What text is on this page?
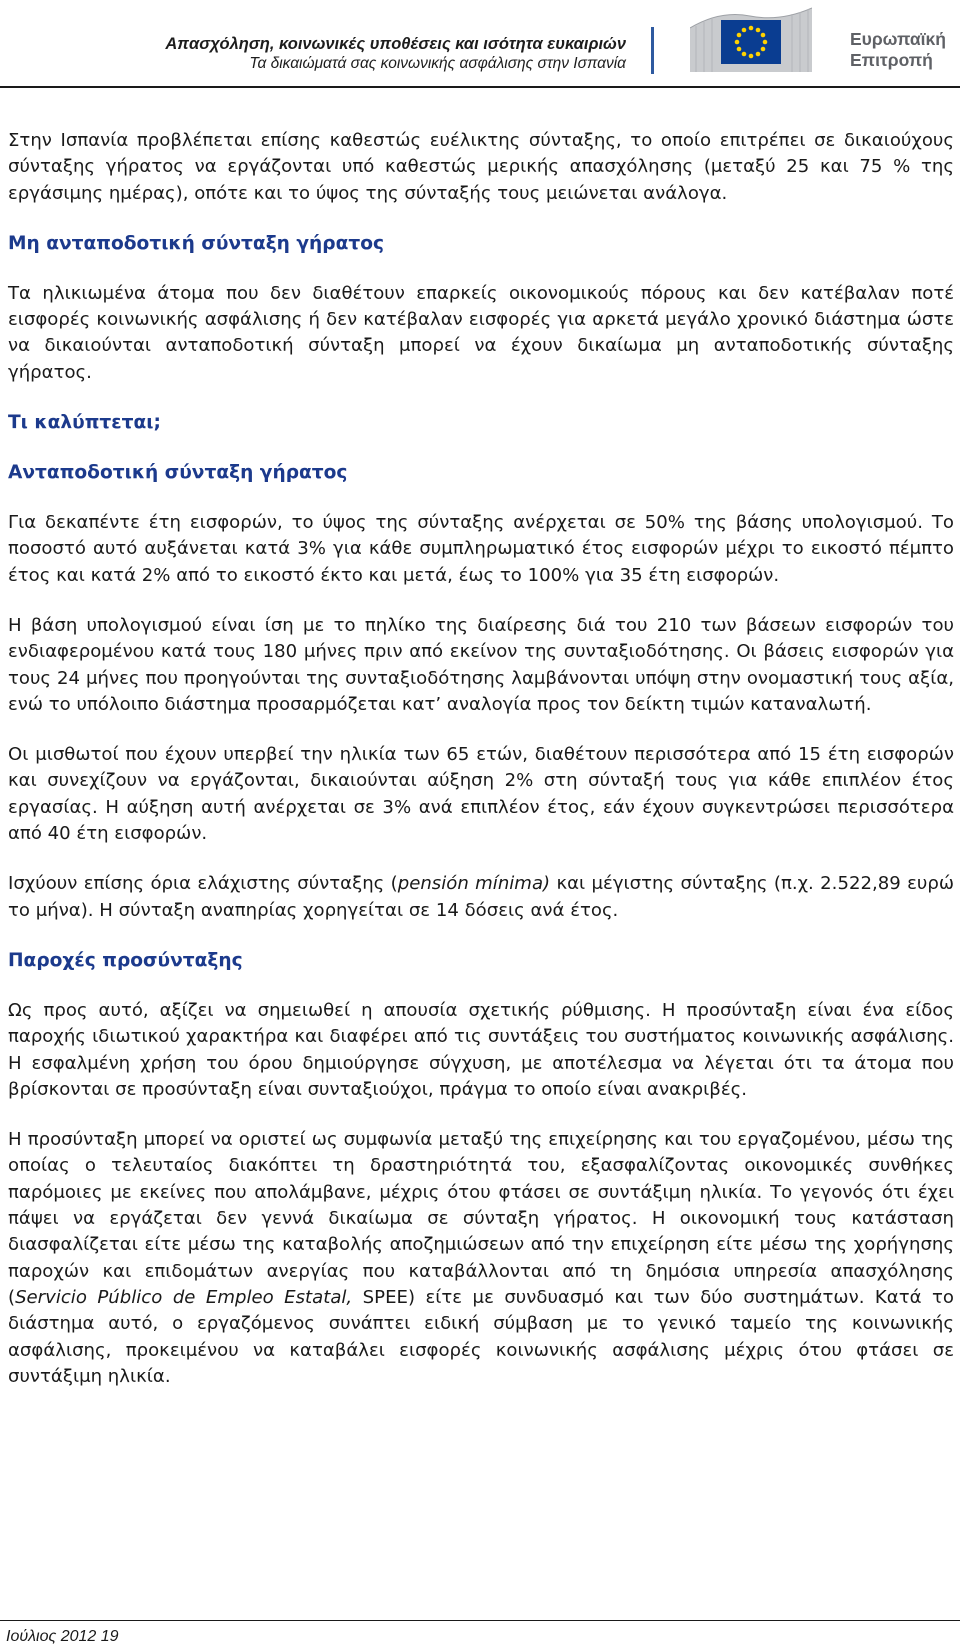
Απασχόληση, κοινωνικές υποθέσεις και ισότητα ευκαιριών
Τα δικαιώματά σας κοινωνικής ασφάλισης στην Ισπανία
Ευρωπαϊκή
Επιτροπή

Στην Ισπανία προβλέπεται επίσης καθεστώς ευέλικτης σύνταξης, το οποίο επιτρέπει σε δικαιούχους σύνταξης γήρατος να εργάζονται υπό καθεστώς μερικής απασχόλησης (μεταξύ 25 και 75 % της εργάσιμης ημέρας), οπότε και το ύψος της σύνταξής τους μειώνεται ανάλογα.

Μη ανταποδοτική σύνταξη γήρατος

Τα ηλικιωμένα άτομα που δεν διαθέτουν επαρκείς οικονομικούς πόρους και δεν κατέβαλαν ποτέ εισφορές κοινωνικής ασφάλισης ή δεν κατέβαλαν εισφορές για αρκετά μεγάλο χρονικό διάστημα ώστε να δικαιούνται ανταποδοτική σύνταξη μπορεί να έχουν δικαίωμα μη ανταποδοτικής σύνταξης γήρατος.

Τι καλύπτεται;
Ανταποδοτική σύνταξη γήρατος

Για δεκαπέντε έτη εισφορών, το ύψος της σύνταξης ανέρχεται σε 50% της βάσης υπολογισμού. Το ποσοστό αυτό αυξάνεται κατά 3% για κάθε συμπληρωματικό έτος εισφορών μέχρι το εικοστό πέμπτο έτος και κατά 2% από το εικοστό έκτο και μετά, έως το 100% για 35 έτη εισφορών.

Η βάση υπολογισμού είναι ίση με το πηλίκο της διαίρεσης διά του 210 των βάσεων εισφορών του ενδιαφερομένου κατά τους 180 μήνες πριν από εκείνον της συνταξιοδότησης. Οι βάσεις εισφορών για τους 24 μήνες που προηγούνται της συνταξιοδότησης λαμβάνονται υπόψη στην ονομαστική τους αξία, ενώ το υπόλοιπο διάστημα προσαρμόζεται κατ’ αναλογία προς τον δείκτη τιμών καταναλωτή.

Οι μισθωτοί που έχουν υπερβεί την ηλικία των 65 ετών, διαθέτουν περισσότερα από 15 έτη εισφορών και συνεχίζουν να εργάζονται, δικαιούνται αύξηση 2% στη σύνταξή τους για κάθε επιπλέον έτος εργασίας. Η αύξηση αυτή ανέρχεται σε 3% ανά επιπλέον έτος, εάν έχουν συγκεντρώσει περισσότερα από 40 έτη εισφορών.

Ισχύουν επίσης όρια ελάχιστης σύνταξης (pensión mínima) και μέγιστης σύνταξης (π.χ. 2.522,89 ευρώ το μήνα). Η σύνταξη αναπηρίας χορηγείται σε 14 δόσεις ανά έτος.

Παροχές προσύνταξης

Ως προς αυτό, αξίζει να σημειωθεί η απουσία σχετικής ρύθμισης. Η προσύνταξη είναι ένα είδος παροχής ιδιωτικού χαρακτήρα και διαφέρει από τις συντάξεις του συστήματος κοινωνικής ασφάλισης. Η εσφαλμένη χρήση του όρου δημιούργησε σύγχυση, με αποτέλεσμα να λέγεται ότι τα άτομα που βρίσκονται σε προσύνταξη είναι συνταξιούχοι, πράγμα το οποίο είναι ανακριβές.

Η προσύνταξη μπορεί να οριστεί ως συμφωνία μεταξύ της επιχείρησης και του εργαζομένου, μέσω της οποίας ο τελευταίος διακόπτει τη δραστηριότητά του, εξασφαλίζοντας οικονομικές συνθήκες παρόμοιες με εκείνες που απολάμβανε, μέχρις ότου φτάσει σε συντάξιμη ηλικία. Το γεγονός ότι έχει πάψει να εργάζεται δεν γεννά δικαίωμα σε σύνταξη γήρατος. Η οικονομική τους κατάσταση διασφαλίζεται είτε μέσω της καταβολής αποζημιώσεων από την επιχείρηση είτε μέσω της χορήγησης παροχών και επιδομάτων ανεργίας που καταβάλλονται από τη δημόσια υπηρεσία απασχόλησης (Servicio Público de Empleo Estatal, SPEE) είτε με συνδυασμό και των δύο συστημάτων. Κατά το διάστημα αυτό, ο εργαζόμενος συνάπτει ειδική σύμβαση με το γενικό ταμείο της κοινωνικής ασφάλισης, προκειμένου να καταβάλει εισφορές κοινωνικής ασφάλισης μέχρις ότου φτάσει σε συντάξιμη ηλικία.

Ιούλιος 2012 19
